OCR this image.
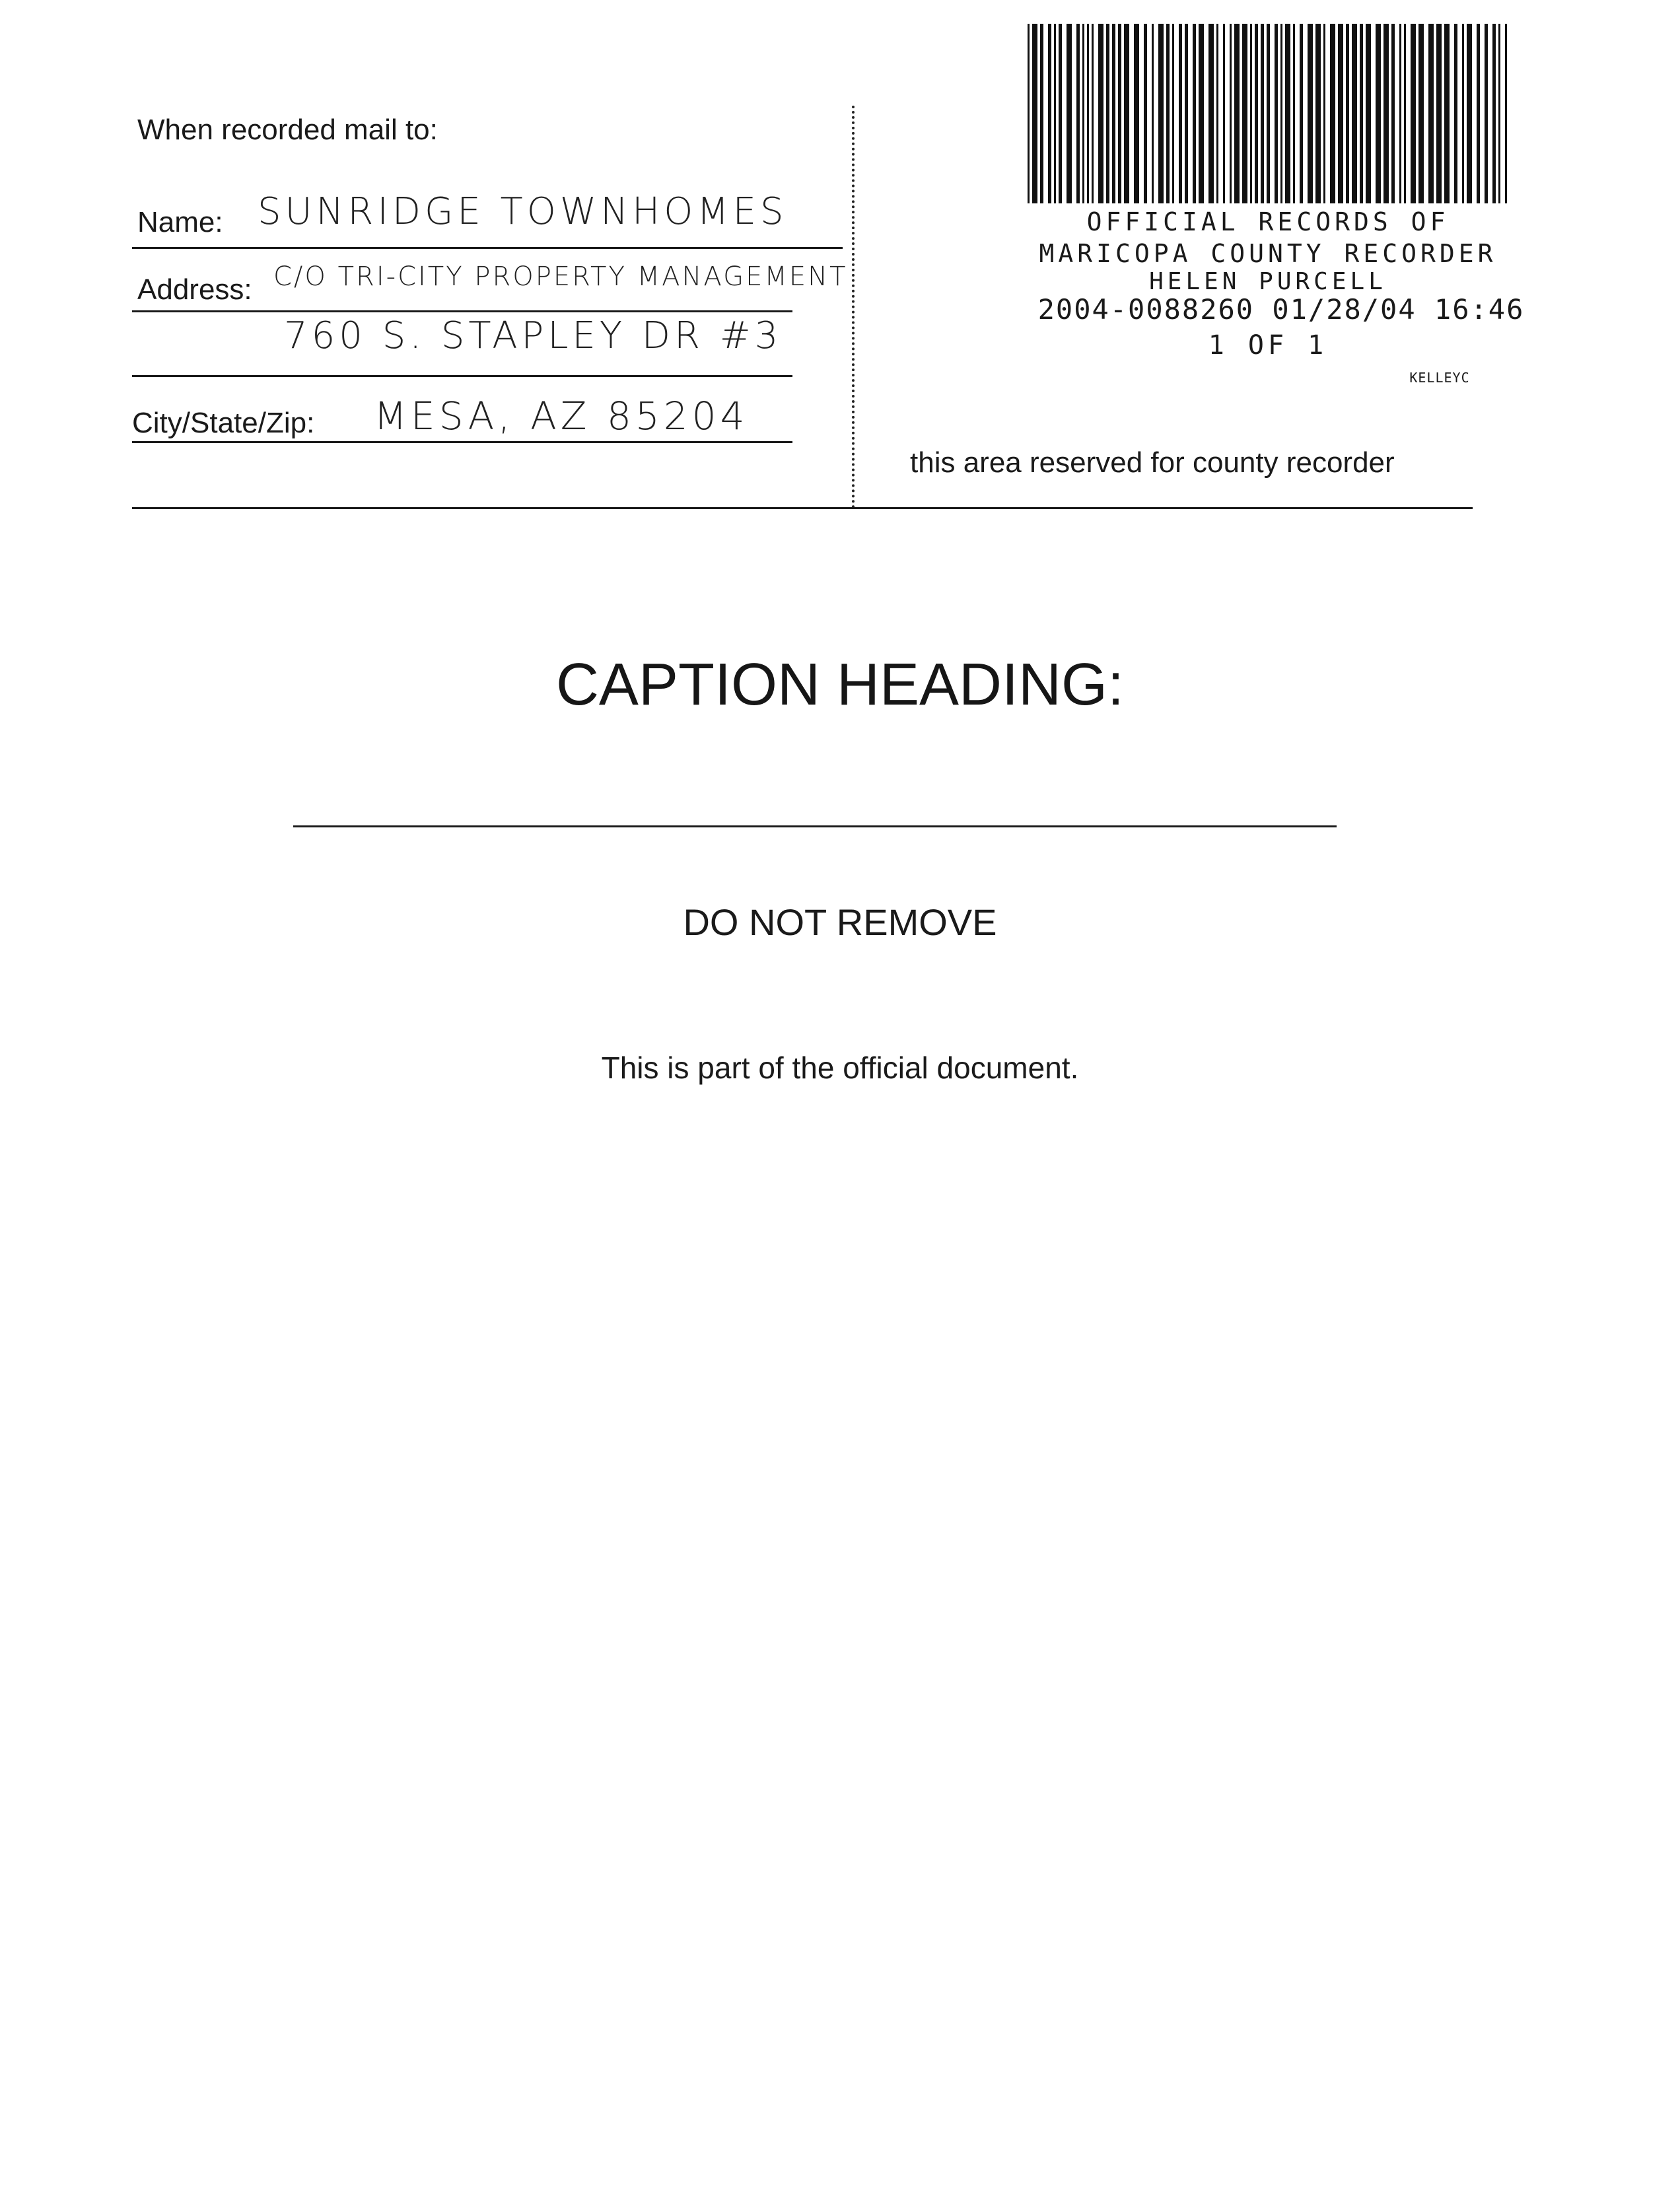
When recorded mail to:
Name: SUNRIDGE TOWNHOMES
Address: C/O TRI-CITY PROPERTY MANAGEMENT
760 S. STAPLEY DR #3
City/State/Zip: MESA, AZ 85204
OFFICIAL RECORDS OF
MARICOPA COUNTY RECORDER
HELEN PURCELL
2004-0088260 01/28/04 16:46
1 OF 1
KELLEYC
this area reserved for county recorder
CAPTION HEADING:
DO NOT REMOVE
This is part of the official document.
